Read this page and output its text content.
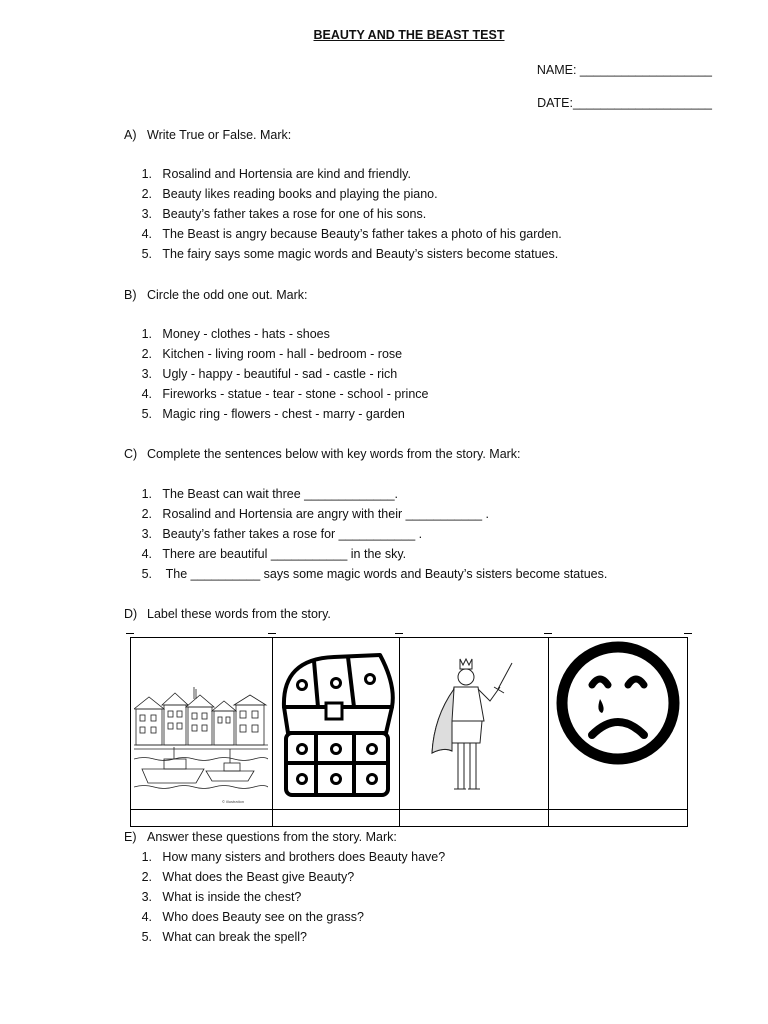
BEAUTY AND THE BEAST TEST
NAME: ___________________
DATE:____________________
A) Write True or False. Mark:
1. Rosalind and Hortensia are kind and friendly.
2. Beauty likes reading books and playing the piano.
3. Beauty’s father takes a rose for one of his sons.
4. The Beast is angry because Beauty’s father takes a photo of his garden.
5. The fairy says some magic words and Beauty’s sisters become statues.
B) Circle the odd one out. Mark:
1. Money - clothes - hats - shoes
2. Kitchen - living room - hall - bedroom - rose
3. Ugly - happy - beautiful - sad - castle - rich
4. Fireworks - statue - tear - stone - school - prince
5. Magic ring - flowers - chest - marry - garden
C) Complete the sentences below with key words from the story. Mark:
1. The Beast can wait three _____________.
2. Rosalind and Hortensia are angry with their ___________ .
3. Beauty’s father takes a rose for ___________ .
4. There are beautiful ___________ in the sky.
5.    The __________ says some magic words and Beauty’s sisters become statues.
D) Label these words from the story.
© illustration
E) Answer these questions from the story. Mark:
1. How many sisters and brothers does Beauty have?
2. What does the Beast give Beauty?
3. What is inside the chest?
4. Who does Beauty see on the grass?
5. What can break the spell?
